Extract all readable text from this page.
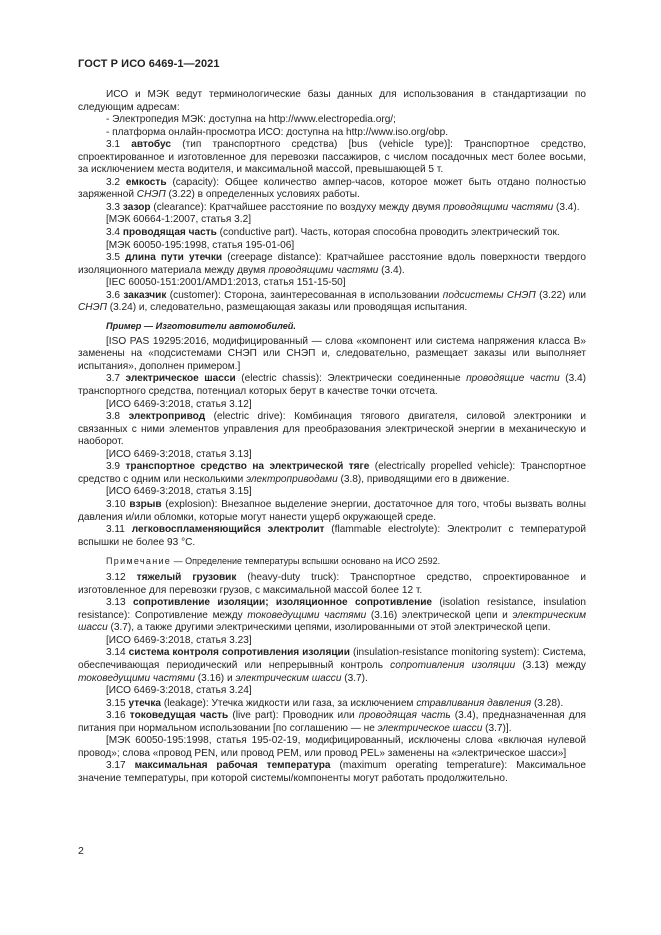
ГОСТ Р ИСО 6469-1—2021

ИСО и МЭК ведут терминологические базы данных для использования в стандартизации по следующим адресам:

- Электропедия МЭК: доступна на http://www.electropedia.org/;

- платформа онлайн-просмотра ИСО: доступна на http://www.iso.org/obp.

3.1 автобус (тип транспортного средства) [bus (vehicle type)]: Транспортное средство, спроектированное и изготовленное для перевозки пассажиров, с числом посадочных мест более восьми, за исключением места водителя, и максимальной массой, превышающей 5 т.

3.2 емкость (capacity): Общее количество ампер-часов, которое может быть отдано полностью заряженной СНЭП (3.22) в определенных условиях работы.

3.3 зазор (clearance): Кратчайшее расстояние по воздуху между двумя проводящими частями (3.4).

[МЭК 60664-1:2007, статья 3.2]

3.4 проводящая часть (conductive part). Часть, которая способна проводить электрический ток.

[МЭК 60050-195:1998, статья 195-01-06]

3.5 длина пути утечки (creepage distance): Кратчайшее расстояние вдоль поверхности твердого изоляционного материала между двумя проводящими частями (3.4).

[IEC 60050-151:2001/AMD1:2013, статья 151-15-50]

3.6 заказчик (customer): Сторона, заинтересованная в использовании подсистемы СНЭП (3.22) или СНЭП (3.24) и, следовательно, размещающая заказы или проводящая испытания.

Пример — Изготовители автомобилей.

[ISO PAS 19295:2016, модифицированный — слова «компонент или система напряжения класса В» заменены на «подсистемами СНЭП или СНЭП и, следовательно, размещает заказы или выполняет испытания», дополнен примером.]

3.7 электрическое шасси (electric chassis): Электрически соединенные проводящие части (3.4) транспортного средства, потенциал которых берут в качестве точки отсчета.

[ИСО 6469-3:2018, статья 3.12]

3.8 электропривод (electric drive): Комбинация тягового двигателя, силовой электроники и связанных с ними элементов управления для преобразования электрической энергии в механическую и наоборот.

[ИСО 6469-3:2018, статья 3.13]

3.9 транспортное средство на электрической тяге (electrically propelled vehicle): Транспортное средство с одним или несколькими электроприводами (3.8), приводящими его в движение.

[ИСО 6469-3:2018, статья 3.15]

3.10 взрыв (explosion): Внезапное выделение энергии, достаточное для того, чтобы вызвать волны давления и/или обломки, которые могут нанести ущерб окружающей среде.

3.11 легковоспламеняющийся электролит (flammable electrolyte): Электролит с температурой вспышки не более 93 °С.

Примечание — Определение температуры вспышки основано на ИСО 2592.

3.12 тяжелый грузовик (heavy-duty truck): Транспортное средство, спроектированное и изготовленное для перевозки грузов, с максимальной массой более 12 т.

3.13 сопротивление изоляции; изоляционное сопротивление (isolation resistance, insulation resistance): Сопротивление между токоведущими частями (3.16) электрической цепи и электрическим шасси (3.7), а также другими электрическими цепями, изолированными от этой электрической цепи.

[ИСО 6469-3:2018, статья 3.23]

3.14 система контроля сопротивления изоляции (insulation-resistance monitoring system): Система, обеспечивающая периодический или непрерывный контроль сопротивления изоляции (3.13) между токоведущими частями (3.16) и электрическим шасси (3.7).

[ИСО 6469-3:2018, статья 3.24]

3.15 утечка (leakage): Утечка жидкости или газа, за исключением стравливания давления (3.28).

3.16 токоведущая часть (live part): Проводник или проводящая часть (3.4), предназначенная для питания при нормальном использовании [по соглашению — не электрическое шасси (3.7)].

[МЭК 60050-195:1998, статья 195-02-19, модифицированный, исключены слова «включая нулевой провод»; слова «провод PEN, или провод PEM, или провод PEL» заменены на «электрическое шасси»]

3.17 максимальная рабочая температура (maximum operating temperature): Максимальное значение температуры, при которой системы/компоненты могут работать продолжительно.

2
